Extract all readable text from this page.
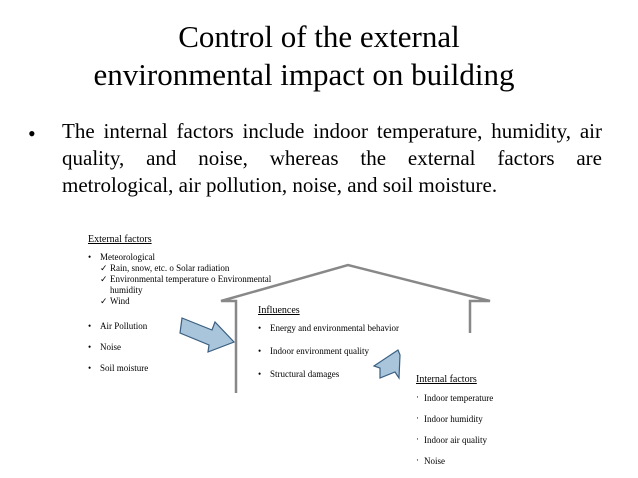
Control of the external
environmental impact on building
• The internal factors include indoor temperature, humidity, air quality, and noise, whereas the external factors are metrological, air pollution, noise, and soil moisture.
External factors
• Meteorological
✓ Rain, snow, etc. o Solar radiation
✓ Environmental temperature o Environmental humidity
✓ Wind
• Air Pollution
• Noise
• Soil moisture
Influences
• Energy and environmental behavior
• Indoor environment quality
• Structural damages	Internal factors
· Indoor temperature
· Indoor humidity
· Indoor air quality
· Noise
